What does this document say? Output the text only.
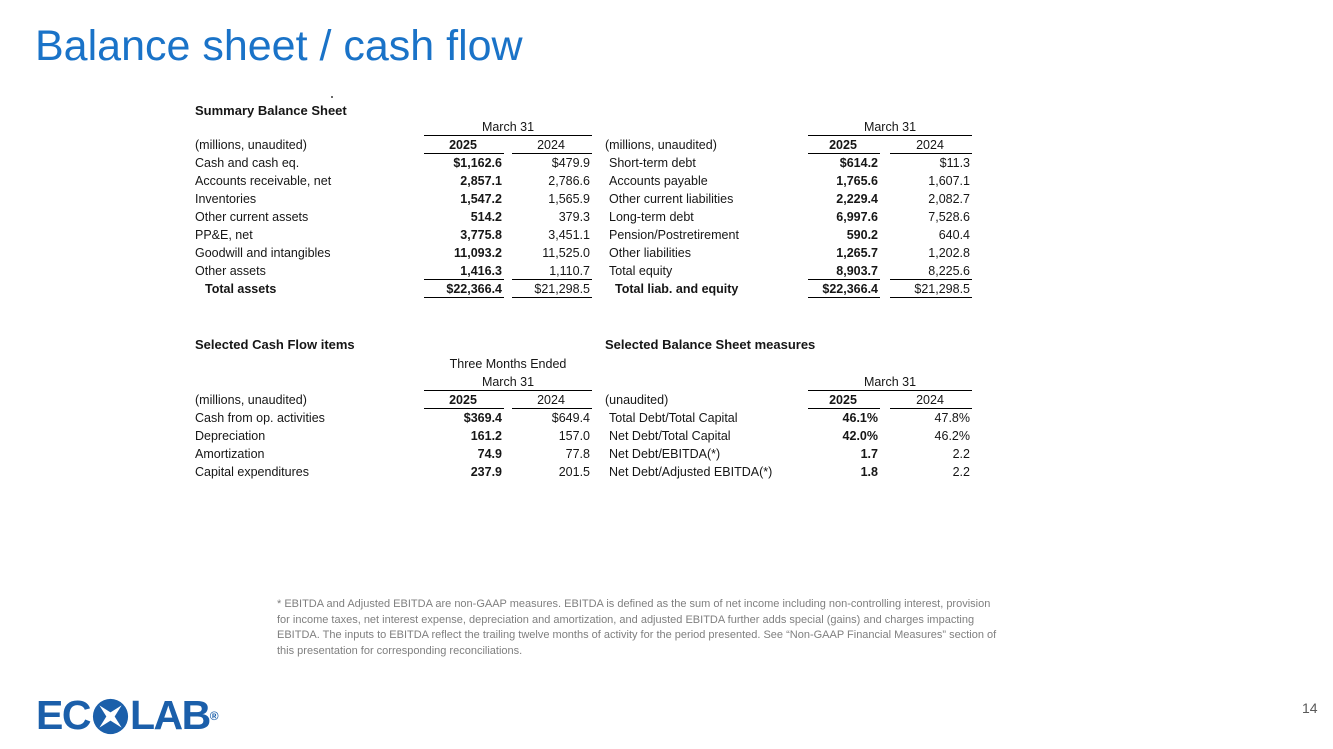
Balance sheet / cash flow
Summary Balance Sheet
March 31
(millions, unaudited)	2025	2024
Cash and cash eq.	$1,162.6	$479.9
Accounts receivable, net	2,857.1	2,786.6
Inventories	1,547.2	1,565.9
Other current assets	514.2	379.3
PP&E, net	3,775.8	3,451.1
Goodwill and intangibles	11,093.2	11,525.0
Other assets	1,416.3	1,110.7
Total assets	$22,366.4	$21,298.5
March 31
(millions, unaudited)	2025	2024
Short-term debt	$614.2	$11.3
Accounts payable	1,765.6	1,607.1
Other current liabilities	2,229.4	2,082.7
Long-term debt	6,997.6	7,528.6
Pension/Postretirement	590.2	640.4
Other liabilities	1,265.7	1,202.8
Total equity	8,903.7	8,225.6
Total liab. and equity	$22,366.4	$21,298.5
Selected Cash Flow items
Three Months Ended
March 31
(millions, unaudited)	2025	2024
Cash from op. activities	$369.4	$649.4
Depreciation	161.2	157.0
Amortization	74.9	77.8
Capital expenditures	237.9	201.5
Selected Balance Sheet measures
March 31
(unaudited)	2025	2024
Total Debt/Total Capital	46.1%	47.8%
Net Debt/Total Capital	42.0%	46.2%
Net Debt/EBITDA(*)	1.7	2.2
Net Debt/Adjusted EBITDA(*)	1.8	2.2
* EBITDA and Adjusted EBITDA are non-GAAP measures. EBITDA is defined as the sum of net income including non-controlling interest, provision for income taxes, net interest expense, depreciation and amortization, and adjusted EBITDA further adds special (gains) and charges impacting EBITDA. The inputs to EBITDA reflect the trailing twelve months of activity for the period presented. See “Non-GAAP Financial Measures” section of this presentation for corresponding reconciliations.
EC LAB ®	14
